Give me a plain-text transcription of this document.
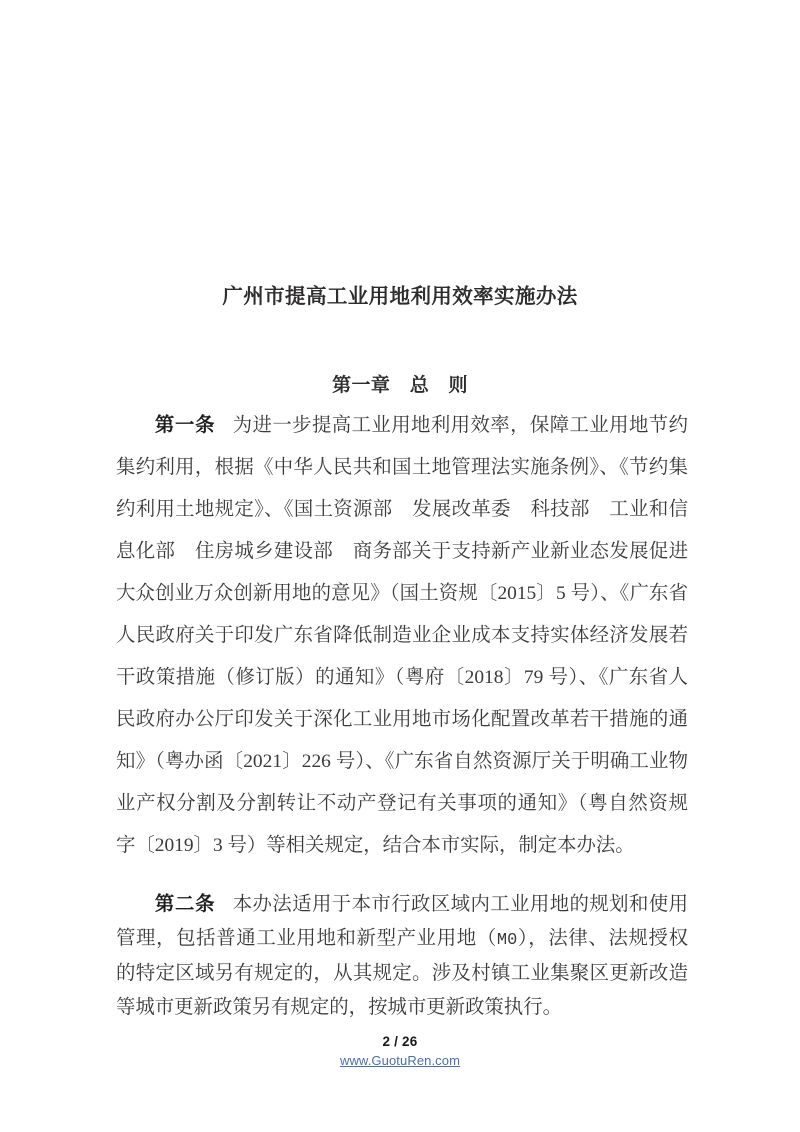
广州市提高工业用地利用效率实施办法
第一章　总　则

第一条 为进一步提高工业用地利用效率，保障工业用地节约集约利用，根据《中华人民共和国土地管理法实施条例》、《节约集约利用土地规定》、《国土资源部　发展改革委　科技部　工业和信息化部　住房城乡建设部　商务部关于支持新产业新业态发展促进大众创业万众创新用地的意见》（国土资规〔2015〕5 号）、《广东省人民政府关于印发广东省降低制造业企业成本支持实体经济发展若干政策措施（修订版）的通知》（粤府〔2018〕79 号）、《广东省人民政府办公厅印发关于深化工业用地市场化配置改革若干措施的通知》（粤办函〔2021〕226 号）、《广东省自然资源厅关于明确工业物业产权分割及分割转让不动产登记有关事项的通知》（粤自然资规字〔2019〕3 号）等相关规定，结合本市实际，制定本办法。

第二条 本办法适用于本市行政区域内工业用地的规划和使用管理，包括普通工业用地和新型产业用地（M0），法律、法规授权的特定区域另有规定的，从其规定。涉及村镇工业集聚区更新改造等城市更新政策另有规定的，按城市更新政策执行。

2 / 26
www.GuotuRen.com
